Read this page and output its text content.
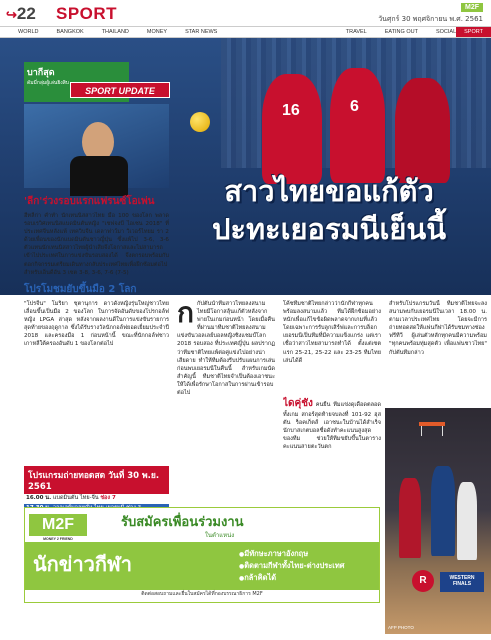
↪22 SPORT	M2F
วันศุกร์ 30 พฤศจิกายน พ.ศ. 2561
WORLD	BANGKOK	THAILAND	MONEY	STAR NEWS	TRAVEL	EATING OUT	SOCIAL	SPORT
16	6
สาวไทยขอแก้ตัว
ปะทะเยอรมนีเย็นนี้
บากีสุด
ดัมมี่กลุ่มผู้เล่นยิงสิบ
SPORT UPDATE
'ลีก'ร่วงรอบแรกแฟรนซ์โอเพ่น

ฮีทลีก่า คำทำ นักเทนนิสสาวไทย มือ 100 ของโลก พลาดรอบเรวิศเทนนิสแบดมินตันหญิง "เชฟจงบี ไอเซน 2018" ที่ประเทศจีนหลังแพ้ เทควิบจีน เดลาฟาว์มา วิเวอร์ไทยม รา 2 ด้วยเพื่อนของนักแบดมินตันชาวญี่ปุ่น ซึ่งแพ้ไป 3-6, 3-6 ตัวแทนนักเทนนิสสาวไทยผู้นำเสียจึงโอกาสและไม่สามารถเข้าไปประเทศในการแข่งขันรอบสองได้ จึงตกรอบพร้อมกับตอกกิจกรรมเตรียมเดินทางกลับประเทศไทยเพื่อฝึกซ้อมต่อไป สำหรับเอ็นดีอัน 3 เซต 3-8, 3-6, 7-6 (7-5)

โปรโมชมยับขึ้นมือ 2 โลก

"โปรจีน" โมริยา ชุตานุการ ดาวดังหญิงรุ่นใหญ่ชาวไทย เลื่อนขึ้นเป็นมือ 2 ของโลก ในการจัดอันดับของโปรกอล์ฟหญิง LPGA ล่าสุด หลังจากผลงานดีในการแข่งขันรายการสุดท้ายของฤดูกาล ซึ่งได้รับรางวัลนักกอล์ฟยอดเยี่ยมประจำปี 2018 และครองมือ 1 ก่อนหน้านี้ ขณะที่นักกอล์ฟชาวเกาหลีใต้ครองอันดับ 1 ของโลกต่อไป

โปรแกรมถ่ายทอดสด วันที่ 30 พ.ย. 2561
16.00 น. แบดมินตัน ไทย-จีน ช่อง 7
กกัปตันนำทีมสาวไทยลงสนาม ไทยมีโอกาสลุ้นแก้ตัวหลังจากพ่ายในเกมก่อนหน้า โดยเมื่อคืนที่ผ่านมาทีมชาติไทยลงสนามแข่งขันวอลเลย์บอลหญิงชิงแชมป์โลก 2018 รอบสอง ที่ประเทศญี่ปุ่น ผลปรากฏว่าทีมชาติไทยแพ้ต่อคู่แข่งไปอย่างน่าเสียดาย ทำให้ทีมต้องรีบปรับแผนการเล่นก่อนพบเยอรมนีในคืนนี้ สำหรับเกมนัดสำคัญนี้ ทีมชาติไทยจำเป็นต้องเอาชนะให้ได้เพื่อรักษาโอกาสในการผ่านเข้ารอบต่อไป
โค้ชทีมชาติไทยกล่าวว่านักกีฬาทุกคนพร้อมลงสนามแล้ว ทีมได้ฝึกซ้อมอย่างหนักเพื่อแก้ไขข้อผิดพลาดจากเกมที่แล้ว โดยเฉพาะการรับลูกเสิร์ฟและการบล็อก เยอรมนีเป็นทีมที่มีความแข็งแกร่ง แต่เราเชื่อว่าสาวไทยสามารถทำได้ ตั้งแต่เซตแรก 25-21, 25-22 และ 23-25 ทีมไทยเล่นได้ดี
ไดคุ่ชัง คนยืน ทีมแข่งดุเดือดตลอดทั้งเกม สกอร์สุดท้ายจบลงที่ 101-92 ฮุสตัน ร็อคเก็ตส์ เอาชนะในบ้านได้สำเร็จ นักบาสเกตบอลชื่อดังทำคะแนนสูงสุดของทีม ช่วยให้ทีมขยับขึ้นในตารางคะแนนสายตะวันตก
สำหรับโปรแกรมวันนี้ ทีมชาติไทยจะลงสนามพบกับเยอรมนีในเวลา 18.00 น. ตามเวลาประเทศไทย โดยจะมีการถ่ายทอดสดให้แฟนกีฬาได้รับชมทางช่องฟรีทีวี ผู้เล่นตัวหลักทุกคนมีความพร้อม "ทุกคนพร้อมทุ่มสุดตัว เพื่อแฟนชาวไทย" กัปตันทีมกล่าว
R	WESTERN FINALS
AFP PHOTO
M2F
MONEY 2 FRIEND
รับสมัครเพื่อนร่วมงาน
ในตำแหน่ง
นักข่าวกีฬา
●	มีทักษะภาษาอังกฤษ
● ติดตามกีฬาทั้งไทย-ต่างประเทศ
● กล้าคิดได้
ติดต่อสอบถามและยื่นใบสมัครได้ที่กองบรรณาธิการ M2F
